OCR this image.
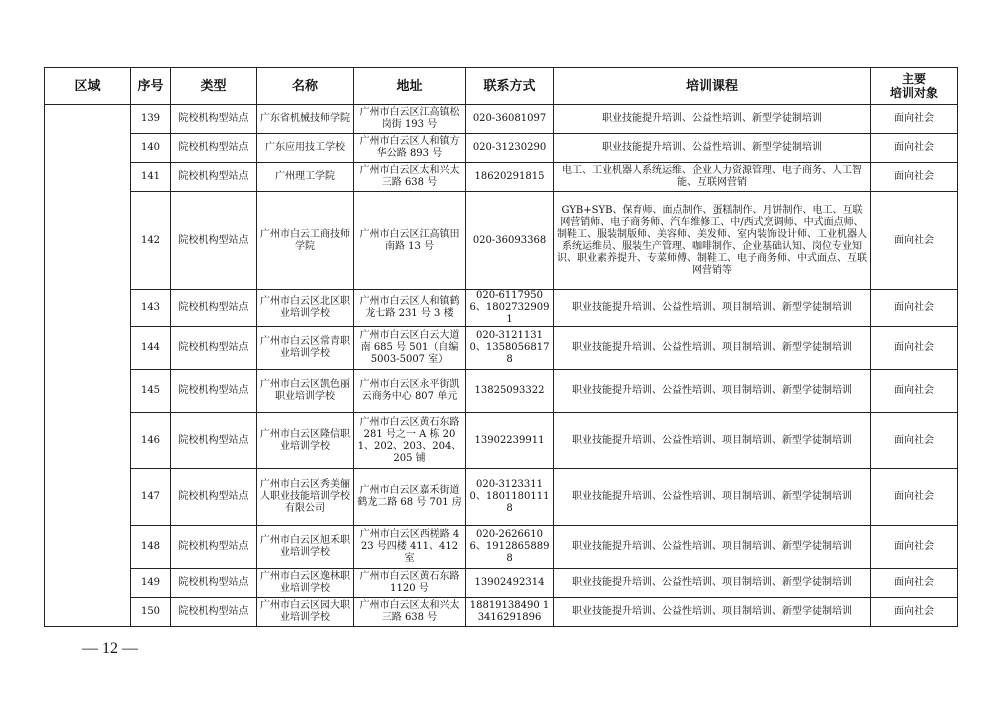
区域	序号	类型	名称	地址	联系方式	培训课程	主要
培训对象
	139	院校机构型站点	广东省机械技师学院	广州市白云区江高镇松岗街 193 号	020-36081097	职业技能提升培训、公益性培训、新型学徒制培训	面向社会
	140	院校机构型站点	广东应用技工学校	广州市白云区人和镇方华公路 893 号	020-31230290	职业技能提升培训、公益性培训、新型学徒制培训	面向社会
	141	院校机构型站点	广州理工学院	广州市白云区太和兴太三路 638 号	18620291815	电工、工业机器人系统运维、企业人力资源管理、电子商务、人工智能、互联网营销	面向社会
	142	院校机构型站点	广州市白云工商技师学院	广州市白云区江高镇田南路 13 号	020-36093368	GYB+SYB、保育师、面点制作、蛋糕制作、月饼制作、电工、互联网营销师、电子商务师、汽车维修工、中/西式烹调师、中式面点师、制鞋工、服装制版师、美容师、美发师、室内装饰设计师、工业机器人系统运维员、服装生产管理、咖啡制作、企业基础认知、岗位专业知识、职业素养提升、专菜师傅、制鞋工、电子商务师、中式面点、互联网营销等	面向社会
	143	院校机构型站点	广州市白云区北区职业培训学校	广州市白云区人和镇鹤龙七路 231 号 3 楼	020-61179506、18027329091	职业技能提升培训、公益性培训、项目制培训、新型学徒制培训	面向社会
	144	院校机构型站点	广州市白云区常青职业培训学校	广州市白云区白云大道南 685 号 501（自编 5003-5007 室）	020-31211310、13580568178	职业技能提升培训、公益性培训、项目制培训、新型学徒制培训	面向社会
	145	院校机构型站点	广州市白云区凯色丽职业培训学校	广州市白云区永平街凯云商务中心 807 单元	13825093322	职业技能提升培训、公益性培训、项目制培训、新型学徒制培训	面向社会
	146	院校机构型站点	广州市白云区隆信职业培训学校	广州市白云区黄石东路 281 号之一 A 栋 201、202、203、204、205 铺	13902239911	职业技能提升培训、公益性培训、项目制培训、新型学徒制培训	面向社会
	147	院校机构型站点	广州市白云区秀美俪人职业技能培训学校有限公司	广州市白云区嘉禾街道鹤龙二路 68 号 701 房	020-31233110、18011801118	职业技能提升培训、公益性培训、项目制培训、新型学徒制培训	面向社会
	148	院校机构型站点	广州市白云区旭禾职业培训学校	广州市白云区西槎路 423 号四楼 411、412 室	020-26266106、19128658898	职业技能提升培训、公益性培训、项目制培训、新型学徒制培训	面向社会
	149	院校机构型站点	广州市白云区逸林职业培训学校	广州市白云区黄石东路 1120 号	13902492314	职业技能提升培训、公益性培训、项目制培训、新型学徒制培训	面向社会
	150	院校机构型站点	广州市白云区园大职业培训学校	广州市白云区太和兴太三路 638 号	18819138490 13416291896	职业技能提升培训、公益性培训、项目制培训、新型学徒制培训	面向社会
— 12 —
